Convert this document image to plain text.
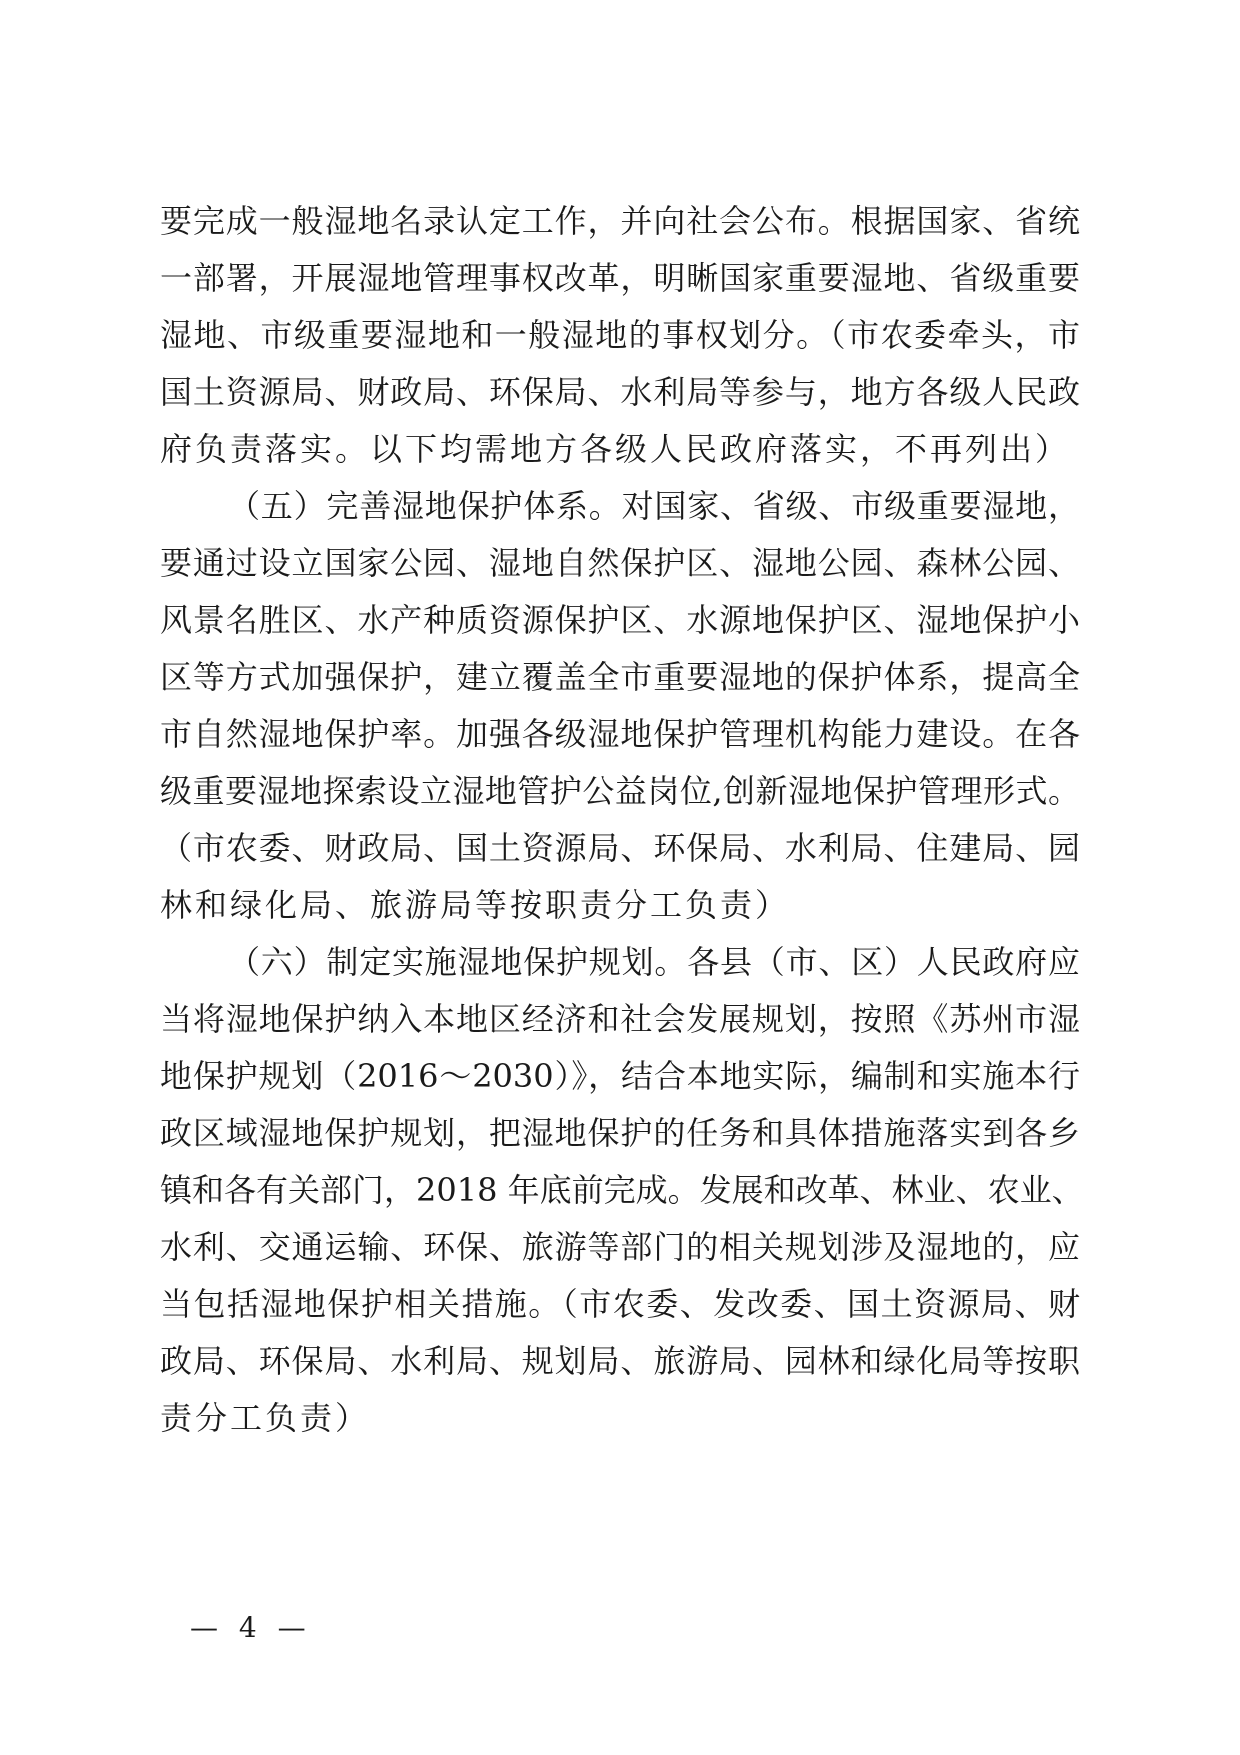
要完成一般湿地名录认定工作，并向社会公布。根据国家、省统
一部署，开展湿地管理事权改革，明晰国家重要湿地、省级重要
湿地、市级重要湿地和一般湿地的事权划分。（市农委牵头，市
国土资源局、财政局、环保局、水利局等参与，地方各级人民政
府负责落实。以下均需地方各级人民政府落实，不再列出）
（五）完善湿地保护体系。对国家、省级、市级重要湿地，
要通过设立国家公园、湿地自然保护区、湿地公园、森林公园、
风景名胜区、水产种质资源保护区、水源地保护区、湿地保护小
区等方式加强保护，建立覆盖全市重要湿地的保护体系，提高全
市自然湿地保护率。加强各级湿地保护管理机构能力建设。在各
级重要湿地探索设立湿地管护公益岗位,创新湿地保护管理形式。
（市农委、财政局、国土资源局、环保局、水利局、住建局、园
林和绿化局、旅游局等按职责分工负责）
（六）制定实施湿地保护规划。各县（市、区）人民政府应
当将湿地保护纳入本地区经济和社会发展规划，按照《苏州市湿
地保护规划（2016～2030）》，结合本地实际，编制和实施本行
政区域湿地保护规划，把湿地保护的任务和具体措施落实到各乡
镇和各有关部门，2018 年底前完成。发展和改革、林业、农业、
水利、交通运输、环保、旅游等部门的相关规划涉及湿地的，应
当包括湿地保护相关措施。（市农委、发改委、国土资源局、财
政局、环保局、水利局、规划局、旅游局、园林和绿化局等按职
责分工负责）
— 4 —
